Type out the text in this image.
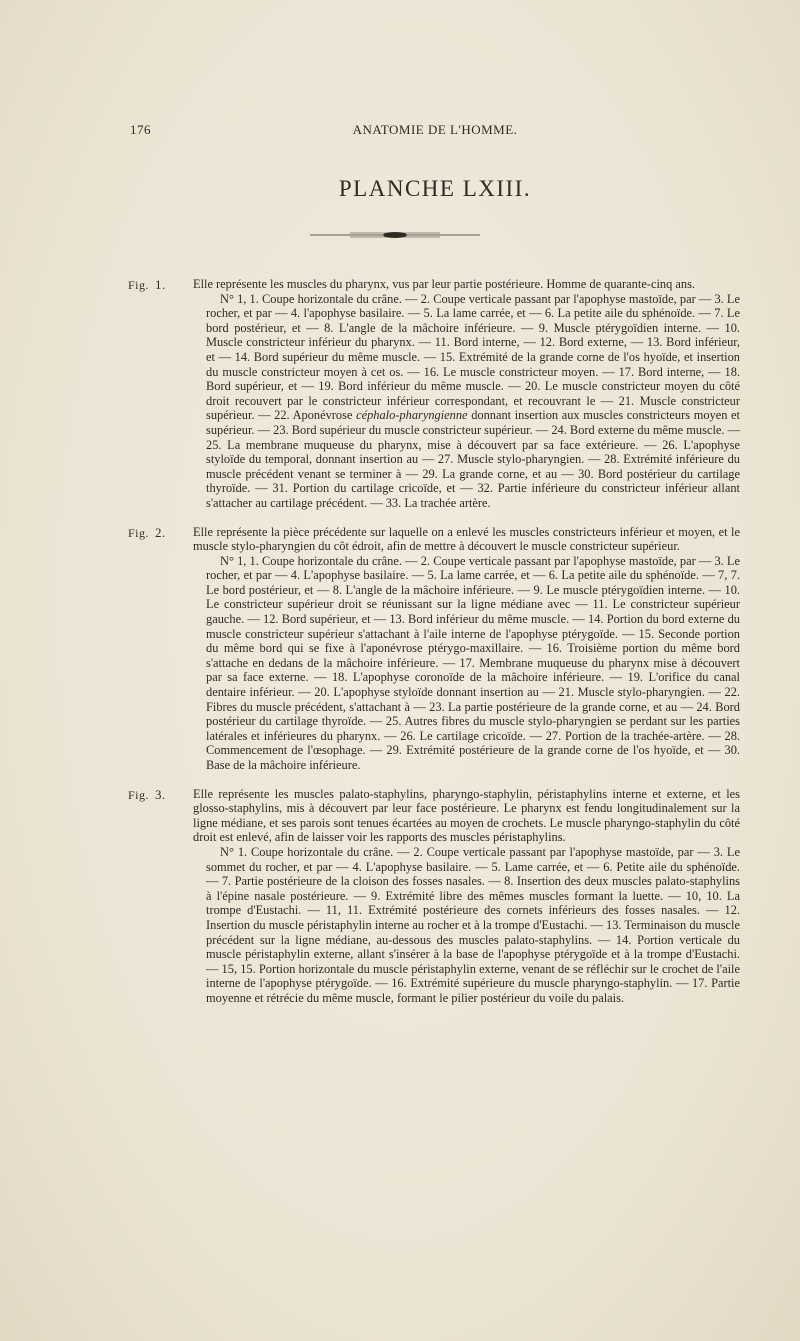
176	ANATOMIE DE L'HOMME.
PLANCHE LXIII.
Fig. 1. Elle représente les muscles du pharynx, vus par leur partie postérieure. Homme de quarante-cinq ans.

N° 1, 1. Coupe horizontale du crâne. — 2. Coupe verticale passant par l'apophyse mastoïde, par — 3. Le rocher, et par — 4. l'apophyse basilaire. — 5. La lame carrée, et — 6. La petite aile du sphénoïde. — 7. Le bord postérieur, et — 8. L'angle de la mâchoire inférieure. — 9. Muscle ptérygoïdien interne. — 10. Muscle constricteur inférieur du pharynx. — 11. Bord interne, — 12. Bord externe, — 13. Bord inférieur, et — 14. Bord supérieur du même muscle. — 15. Extrémité de la grande corne de l'os hyoïde, et insertion du muscle constricteur moyen à cet os. — 16. Le muscle constricteur moyen. — 17. Bord interne, — 18. Bord supérieur, et — 19. Bord inférieur du même muscle. — 20. Le muscle constricteur moyen du côté droit recouvert par le constricteur inférieur correspondant, et recouvrant le — 21. Muscle constricteur supérieur. — 22. Aponévrose céphalo-pharyngienne donnant insertion aux muscles constricteurs moyen et supérieur. — 23. Bord supérieur du muscle constricteur supérieur. — 24. Bord externe du même muscle. — 25. La membrane muqueuse du pharynx, mise à découvert par sa face extérieure. — 26. L'apophyse styloïde du temporal, donnant insertion au — 27. Muscle stylo-pharyngien. — 28. Extrémité inférieure du muscle précédent venant se terminer à — 29. La grande corne, et au — 30. Bord postérieur du cartilage thyroïde. — 31. Portion du cartilage cricoïde, et — 32. Partie inférieure du constricteur inférieur allant s'attacher au cartilage précédent. — 33. La trachée artère.

Fig. 2. Elle représente la pièce précédente sur laquelle on a enlevé les muscles constricteurs inférieur et moyen, et le muscle stylo-pharyngien du côt édroit, afin de mettre à découvert le muscle constricteur supérieur.

N° 1, 1. Coupe horizontale du crâne. — 2. Coupe verticale passant par l'apophyse mastoïde, par — 3. Le rocher, et par — 4. L'apophyse basilaire. — 5. La lame carrée, et — 6. La petite aile du sphénoïde. — 7, 7. Le bord postérieur, et — 8. L'angle de la mâchoire inférieure. — 9. Le muscle ptérygoïdien interne. — 10. Le constricteur supérieur droit se réunissant sur la ligne médiane avec — 11. Le constricteur supérieur gauche. — 12. Bord supérieur, et — 13. Bord inférieur du même muscle. — 14. Portion du bord externe du muscle constricteur supérieur s'attachant à l'aile interne de l'apophyse ptérygoïde. — 15. Seconde portion du même bord qui se fixe à l'aponévrose ptérygo-maxillaire. — 16. Troisième portion du même bord s'attache en dedans de la mâchoire inférieure. — 17. Membrane muqueuse du pharynx mise à découvert par sa face externe. — 18. L'apophyse coronoïde de la mâchoire inférieure. — 19. L'orifice du canal dentaire inférieur. — 20. L'apophyse styloïde donnant insertion au — 21. Muscle stylo-pharyngien. — 22. Fibres du muscle précédent, s'attachant à — 23. La partie postérieure de la grande corne, et au — 24. Bord postérieur du cartilage thyroïde. — 25. Autres fibres du muscle stylo-pharyngien se perdant sur les parties latérales et inférieures du pharynx. — 26. Le cartilage cricoïde. — 27. Portion de la trachée-artère. — 28. Commencement de l'œsophage. — 29. Extrémité postérieure de la grande corne de l'os hyoïde, et — 30. Base de la mâchoire inférieure.

Fig. 3. Elle représente les muscles palato-staphylins, pharyngo-staphylin, péristaphylins interne et externe, et les glosso-staphylins, mis à découvert par leur face postérieure. Le pharynx est fendu longitudinalement sur la ligne médiane, et ses parois sont tenues écartées au moyen de crochets. Le muscle pharyngo-staphylin du côté droit est enlevé, afin de laisser voir les rapports des muscles péristaphylins.

N° 1. Coupe horizontale du crâne. — 2. Coupe verticale passant par l'apophyse mastoïde, par — 3. Le sommet du rocher, et par — 4. L'apophyse basilaire. — 5. Lame carrée, et — 6. Petite aile du sphénoïde. — 7. Partie postérieure de la cloison des fosses nasales. — 8. Insertion des deux muscles palato-staphylins à l'épine nasale postérieure. — 9. Extrémité libre des mêmes muscles formant la luette. — 10, 10. La trompe d'Eustachi. — 11, 11. Extrémité postérieure des cornets inférieurs des fosses nasales. — 12. Insertion du muscle péristaphylin interne au rocher et à la trompe d'Eustachi. — 13. Terminaison du muscle précédent sur la ligne médiane, au-dessous des muscles palato-staphylins. — 14. Portion verticale du muscle péristaphylin externe, allant s'insérer à la base de l'apophyse ptérygoïde et à la trompe d'Eustachi. — 15, 15. Portion horizontale du muscle péristaphylin externe, venant de se réfléchir sur le crochet de l'aile interne de l'apophyse ptérygoïde. — 16. Extrémité supérieure du muscle pharyngo-staphylin. — 17. Partie moyenne et rétrécie du même muscle, formant le pilier postérieur du voile du palais.
